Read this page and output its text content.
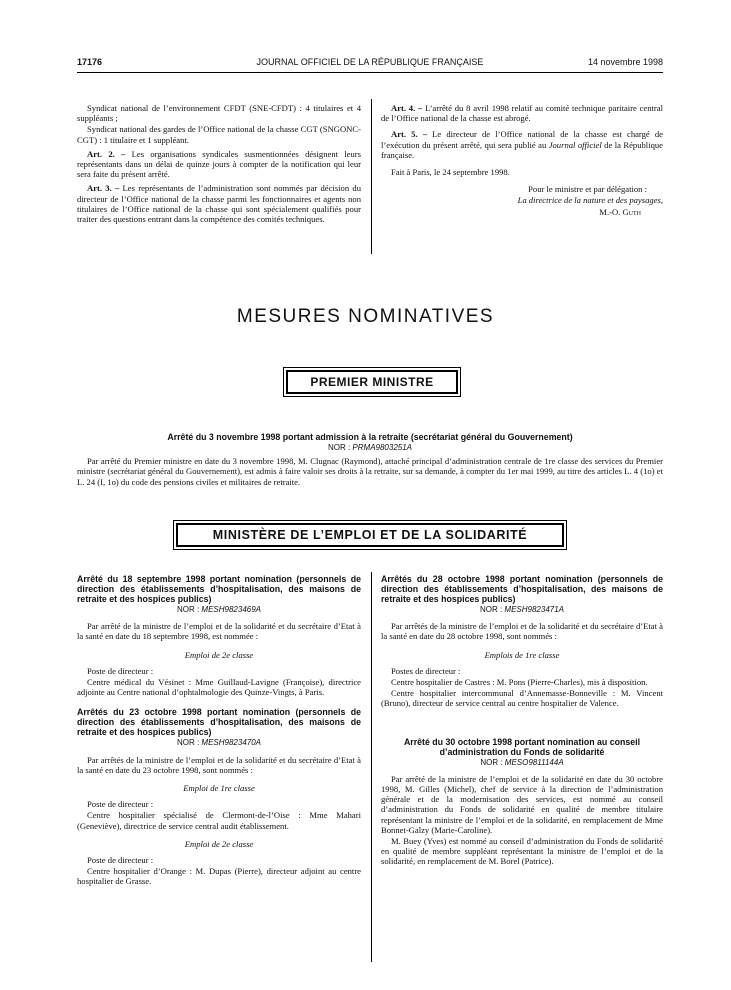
17176	JOURNAL OFFICIEL DE LA RÉPUBLIQUE FRANÇAISE	14 novembre 1998

Syndicat national de l’environnement CFDT (SNE-CFDT) : 4 titulaires et 4 suppléants ;

Syndicat national des gardes de l’Office national de la chasse CGT (SNGONC-CGT) : 1 titulaire et 1 suppléant.

Art. 2. – Les organisations syndicales susmentionnées désignent leurs représentants dans un délai de quinze jours à compter de la notification qui leur sera faite du présent arrêté.

Art. 3. – Les représentants de l’administration sont nommés par décision du directeur de l’Office national de la chasse parmi les fonctionnaires et agents non titulaires de l’Office national de la chasse qui sont spécialement qualifiés pour traiter des questions entrant dans la compétence des comités techniques.

Art. 4. – L’arrêté du 8 avril 1998 relatif au comité technique paritaire central de l’Office national de la chasse est abrogé.

Art. 5. – Le directeur de l’Office national de la chasse est chargé de l’exécution du présent arrêté, qui sera publié au Journal officiel de la République française.

Fait à Paris, le 24 septembre 1998.

Pour le ministre et par délégation :

La directrice de la nature et des paysages,

M.-O. Guth

MESURES NOMINATIVES
PREMIER MINISTRE
Arrêté du 3 novembre 1998 portant admission à la retraite (secrétariat général du Gouvernement)
NOR : PRMA9803251A

Par arrêté du Premier ministre en date du 3 novembre 1998, M. Clugnac (Raymond), attaché principal d’administration centrale de 1re classe des services du Premier ministre (secrétariat général du Gouvernement), est admis à faire valoir ses droits à la retraite, sur sa demande, à compter du 1er mai 1999, au titre des articles L. 4 (1o) et L. 24 (I, 1o) du code des pensions civiles et militaires de retraite.

MINISTÈRE DE L’EMPLOI ET DE LA SOLIDARITÉ
Arrêté du 18 septembre 1998 portant nomination (personnels de direction des établissements d’hospitalisation, des maisons de retraite et des hospices publics)
NOR : MESH9823469A

Par arrêté de la ministre de l’emploi et de la solidarité et du secrétaire d’Etat à la santé en date du 18 septembre 1998, est nommée :

Emploi de 2e classe

Poste de directeur :

Centre médical du Vésinet : Mme Guillaud-Lavigne (Françoise), directrice adjointe au Centre national d’ophtalmologie des Quinze-Vingts, à Paris.

Arrêtés du 23 octobre 1998 portant nomination (personnels de direction des établissements d’hospitalisation, des maisons de retraite et des hospices publics)
NOR : MESH9823470A

Par arrêtés de la ministre de l’emploi et de la solidarité et du secrétaire d’Etat à la santé en date du 23 octobre 1998, sont nommés :

Emploi de 1re classe

Poste de directeur :

Centre hospitalier spécialisé de Clermont-de-l’Oise : Mme Mahari (Geneviève), directrice de service central audit établissement.

Emploi de 2e classe

Poste de directeur :

Centre hospitalier d’Orange : M. Dupas (Pierre), directeur adjoint au centre hospitalier de Grasse.

Arrêtés du 28 octobre 1998 portant nomination (personnels de direction des établissements d’hospitalisation, des maisons de retraite et des hospices publics)
NOR : MESH9823471A

Par arrêtés de la ministre de l’emploi et de la solidarité et du secrétaire d’Etat à la santé en date du 28 octobre 1998, sont nommés :

Emplois de 1re classe

Postes de directeur :

Centre hospitalier de Castres : M. Pons (Pierre-Charles), mis à disposition.

Centre hospitalier intercommunal d’Annemasse-Bonneville : M. Vincent (Bruno), directeur de service central au centre hospitalier de Valence.

Arrêté du 30 octobre 1998 portant nomination au conseil d’administration du Fonds de solidarité
NOR : MESO9811144A

Par arrêté de la ministre de l’emploi et de la solidarité en date du 30 octobre 1998, M. Gilles (Michel), chef de service à la direction de l’administration générale et de la modernisation des services, est nommé au conseil d’administration du Fonds de solidarité en qualité de membre titulaire représentant la ministre de l’emploi et de la solidarité, en remplacement de Mme Bonnet-Galzy (Marie-Caroline).

M. Buey (Yves) est nommé au conseil d’administration du Fonds de solidarité en qualité de membre suppléant représentant la ministre de l’emploi et de la solidarité, en remplacement de M. Borel (Patrice).
